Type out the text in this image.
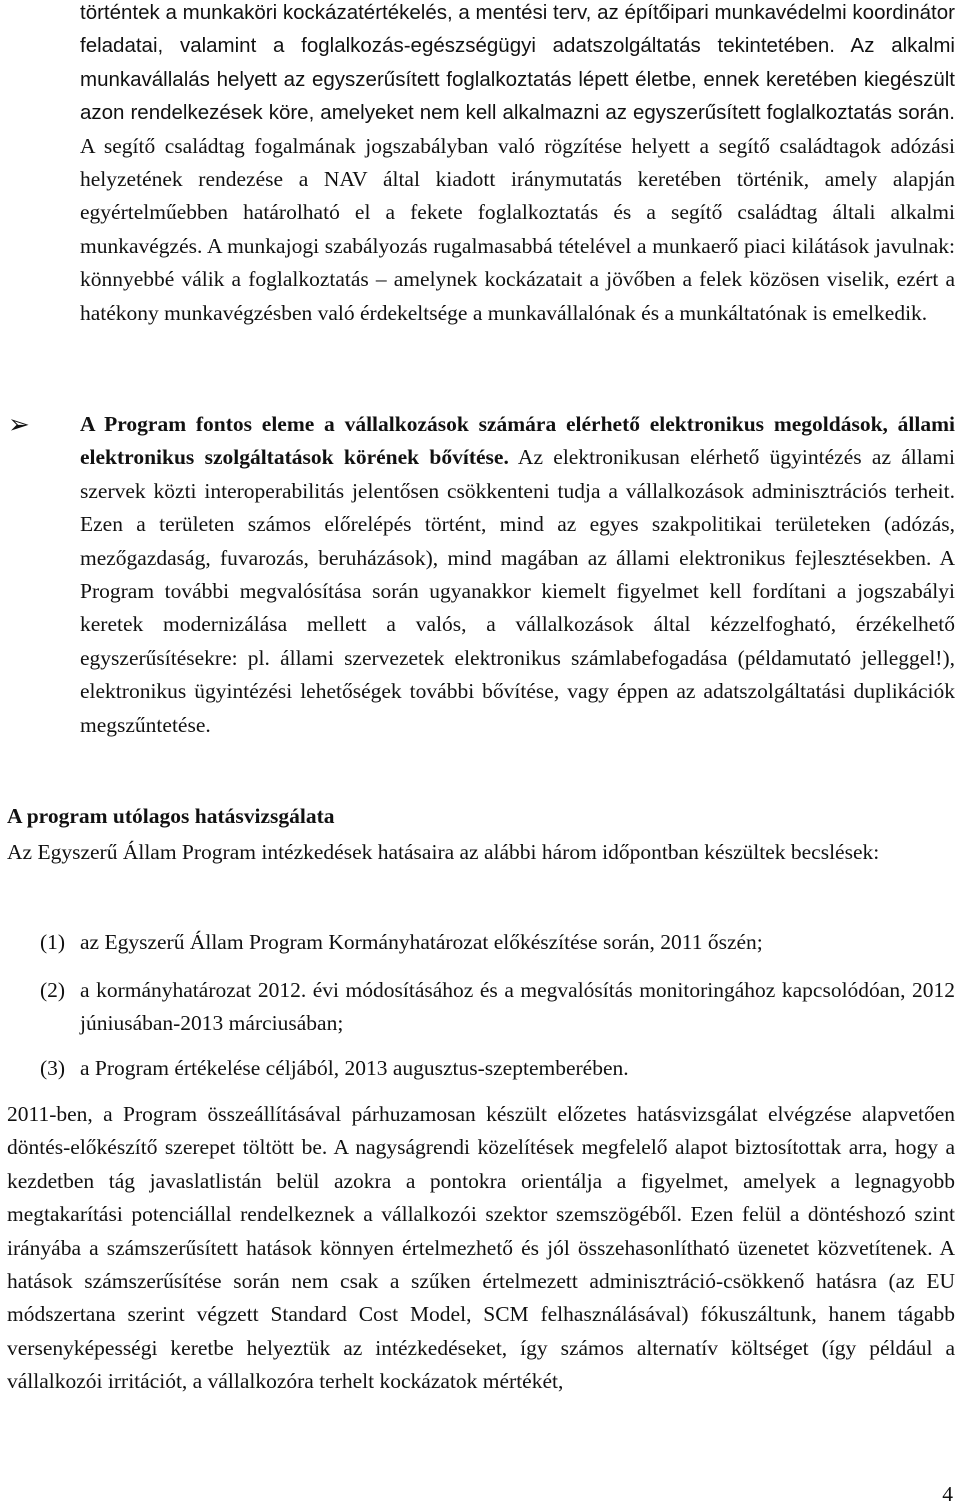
történtek a munkaköri kockázatértékelés, a mentési terv, az építőipari munkavédelmi koordinátor feladatai, valamint a foglalkozás-egészségügyi adatszolgáltatás tekintetében. Az alkalmi munkavállalás helyett az egyszerűsített foglalkoztatás lépett életbe, ennek keretében kiegészült azon rendelkezések köre, amelyeket nem kell alkalmazni az egyszerűsített foglalkoztatás során. A segítő családtag fogalmának jogszabályban való rögzítése helyett a segítő családtagok adózási helyzetének rendezése a NAV által kiadott iránymutatás keretében történik, amely alapján egyértelműebben határolható el a fekete foglalkoztatás és a segítő családtag általi alkalmi munkavégzés. A munkajogi szabályozás rugalmasabbá tételével a munkaerő piaci kilátások javulnak: könnyebbé válik a foglalkoztatás – amelynek kockázatait a jövőben a felek közösen viselik, ezért a hatékony munkavégzésben való érdekeltsége a munkavállalónak és a munkáltatónak is emelkedik.

➢ A Program fontos eleme a vállalkozások számára elérhető elektronikus megoldások, állami elektronikus szolgáltatások körének bővítése. Az elektronikusan elérhető ügyintézés az állami szervek közti interoperabilitás jelentősen csökkenteni tudja a vállalkozások adminisztrációs terheit. Ezen a területen számos előrelépés történt, mind az egyes szakpolitikai területeken (adózás, mezőgazdaság, fuvarozás, beruházások), mind magában az állami elektronikus fejlesztésekben. A Program további megvalósítása során ugyanakkor kiemelt figyelmet kell fordítani a jogszabályi keretek modernizálása mellett a valós, a vállalkozások által kézzelfogható, érzékelhető egyszerűsítésekre: pl. állami szervezetek elektronikus számlabefogadása (példamutató jelleggel!), elektronikus ügyintézési lehetőségek további bővítése, vagy éppen az adatszolgáltatási duplikációk megszűntetése.

A program utólagos hatásvizsgálata

Az Egyszerű Állam Program intézkedések hatásaira az alábbi három időpontban készültek becslések:

(1) az Egyszerű Állam Program Kormányhatározat előkészítése során, 2011 őszén;
(2) a kormányhatározat 2012. évi módosításához és a megvalósítás monitoringához kapcsolódóan, 2012 júniusában-2013 márciusában;
(3) a Program értékelése céljából, 2013 augusztus-szeptemberében.

2011-ben, a Program összeállításával párhuzamosan készült előzetes hatásvizsgálat elvégzése alapvetően döntés-előkészítő szerepet töltött be. A nagyságrendi közelítések megfelelő alapot biztosítottak arra, hogy a kezdetben tág javaslatlistán belül azokra a pontokra orientálja a figyelmet, amelyek a legnagyobb megtakarítási potenciállal rendelkeznek a vállalkozói szektor szemszögéből. Ezen felül a döntéshozó szint irányába a számszerűsített hatások könnyen értelmezhető és jól összehasonlítható üzenetet közvetítenek. A hatások számszerűsítése során nem csak a szűken értelmezett adminisztráció-csökkenő hatásra (az EU módszertana szerint végzett Standard Cost Model, SCM felhasználásával) fókuszáltunk, hanem tágabb versenyképességi keretbe helyeztük az intézkedéseket, így számos alternatív költséget (így például a vállalkozói irritációt, a vállalkozóra terhelt kockázatok mértékét,

4
